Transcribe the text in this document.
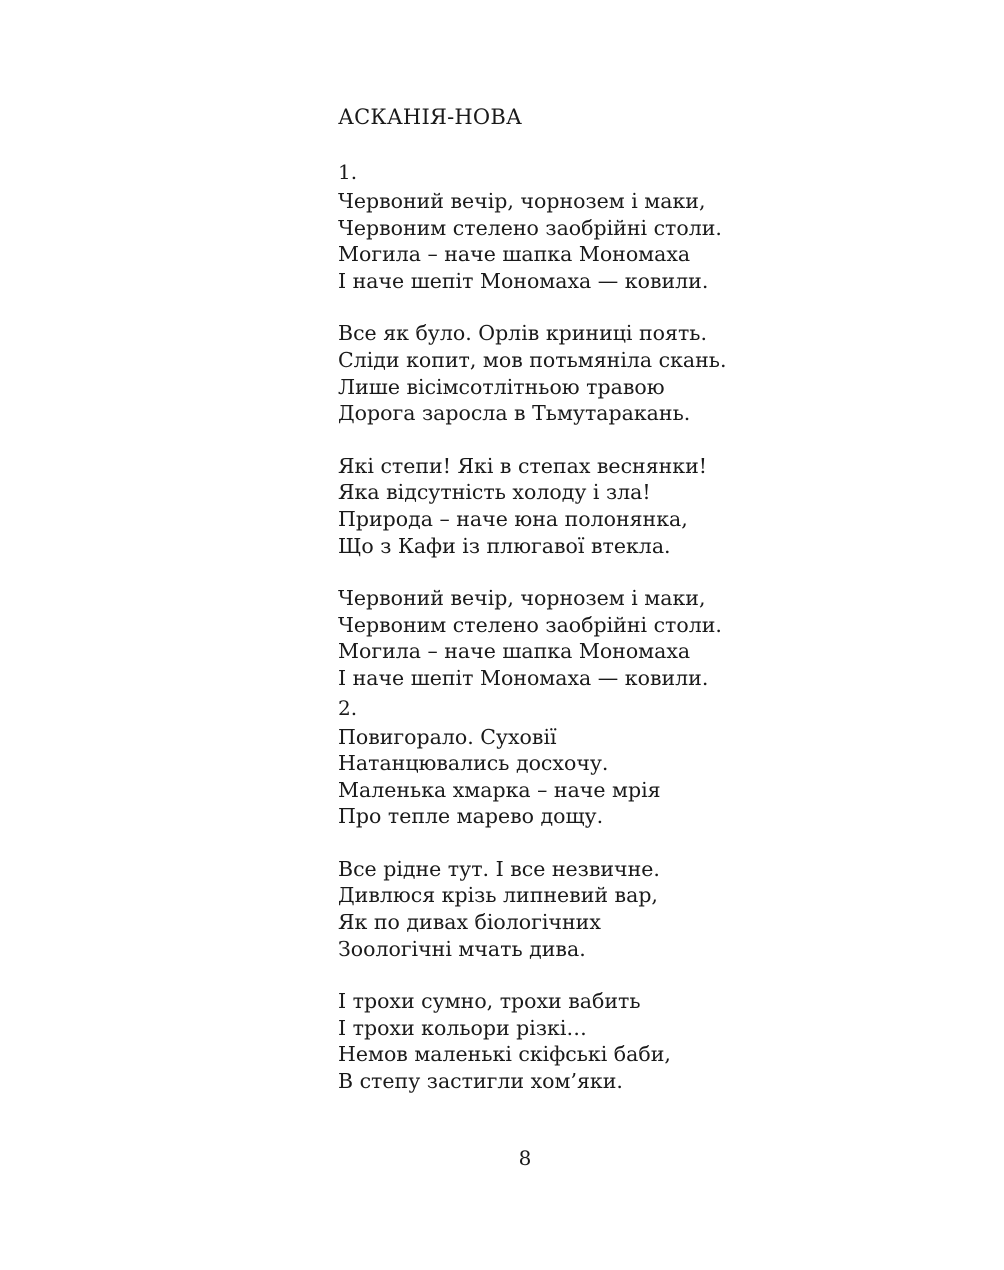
АСКАНІЯ-НОВА
1.
Червоний вечір, чорнозем і маки,
Червоним стелено заобрійні столи.
Могила – наче шапка Мономаха
І наче шепіт Мономаха — ковили.
Все як було. Орлів криниці поять.
Сліди копит, мов потьмяніла скань.
Лише вісімсотлітньою травою
Дорога заросла в Тьмутаракань.
Які степи! Які в степах веснянки!
Яка відсутність холоду і зла!
Природа – наче юна полонянка,
Що з Кафи із плюгавої втекла.
Червоний вечір, чорнозем і маки,
Червоним стелено заобрійні столи.
Могила – наче шапка Мономаха
І наче шепіт Мономаха — ковили.
2.
Повигорало. Суховії
Натанцювались досхочу.
Маленька хмарка – наче мрія
Про тепле марево дощу.
Все рідне тут. І все незвичне.
Дивлюся крізь липневий вар,
Як по дивах біологічних
Зоологічні мчать дива.
І трохи сумно, трохи вабить
І трохи кольори різкі…
Немов маленькі скіфські баби,
В степу застигли хом’яки.
8
